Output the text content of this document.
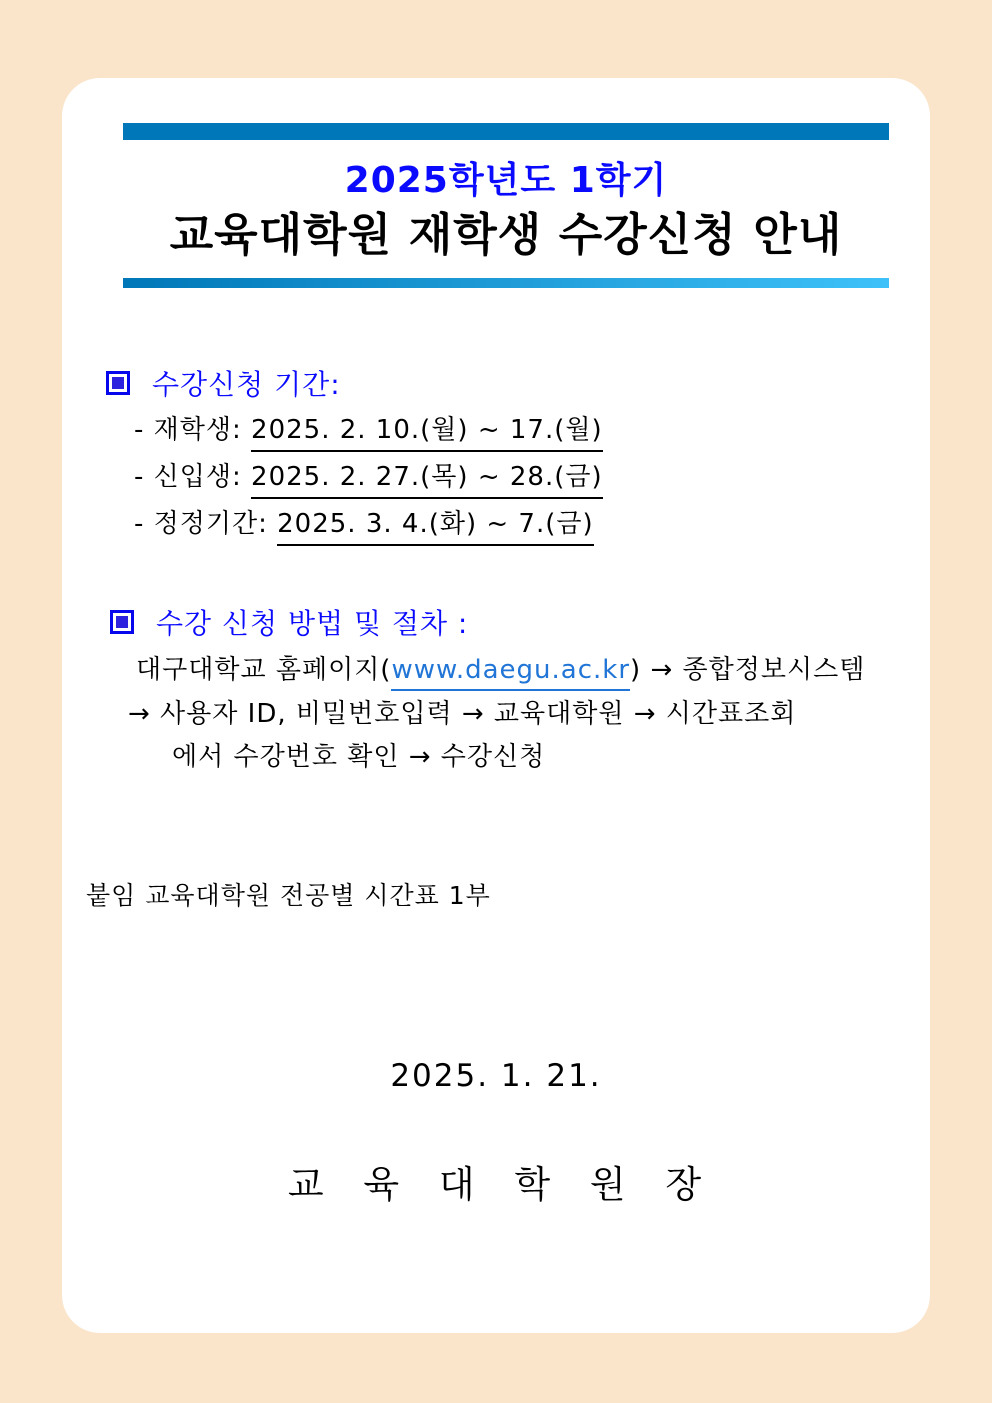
2025학년도 1학기
교육대학원 재학생 수강신청 안내
수강신청 기간:
- 재학생: 2025. 2. 10.(월) ~ 17.(월)
- 신입생: 2025. 2. 27.(목) ~ 28.(금)
- 정정기간: 2025. 3. 4.(화) ~ 7.(금)
수강 신청 방법 및 절차 :
대구대학교 홈페이지(www.daegu.ac.kr) → 종합정보시스템
→ 사용자 ID, 비밀번호입력 → 교육대학원 → 시간표조회
에서 수강번호 확인 → 수강신청
붙임 교육대학원 전공별 시간표 1부
2025. 1. 21.
교 육 대 학 원 장
